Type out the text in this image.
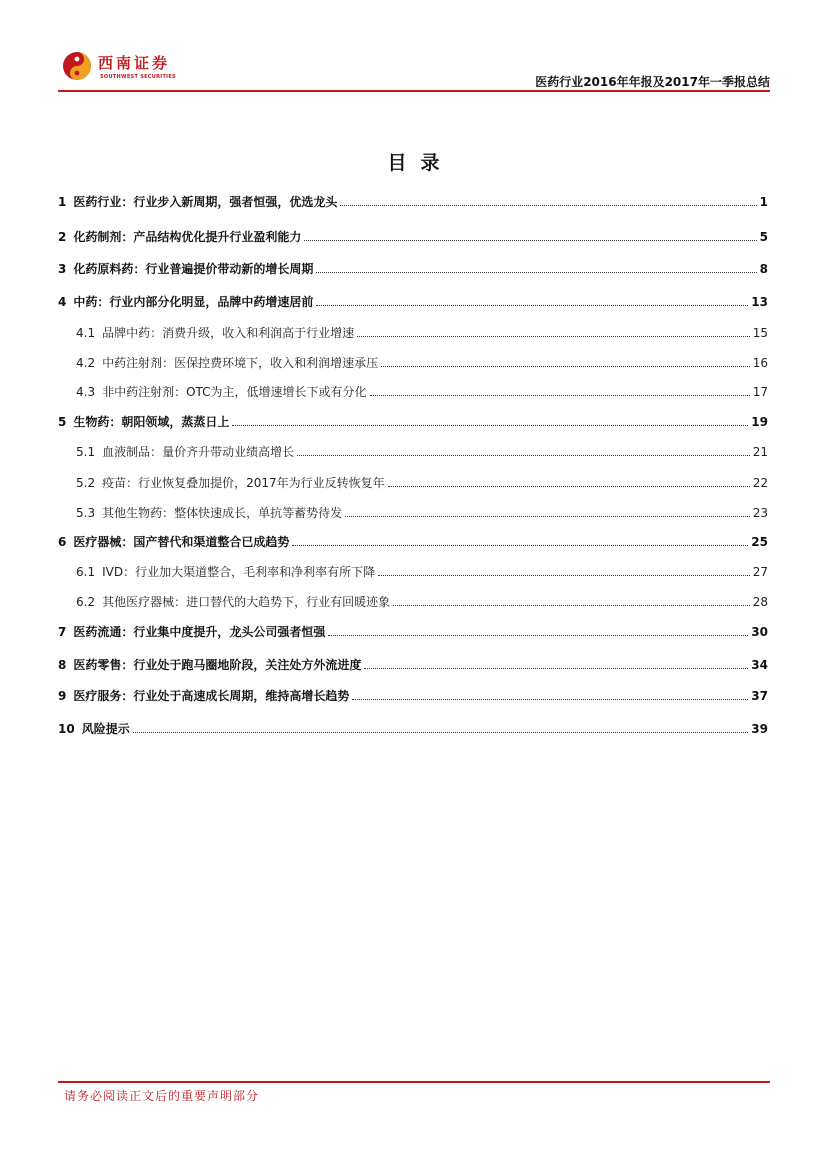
西南证券
SOUTHWEST SECURITIES	医药行业2016年年报及2017年一季报总结
目录
1 医药行业：行业步入新周期，强者恒强，优选龙头	1
2 化药制剂：产品结构优化提升行业盈利能力	5
3 化药原料药：行业普遍提价带动新的增长周期	8
4 中药：行业内部分化明显，品牌中药增速居前	13
4.1 品牌中药：消费升级，收入和利润高于行业增速	15
4.2 中药注射剂：医保控费环境下，收入和利润增速承压	16
4.3 非中药注射剂：OTC为主，低增速增长下或有分化	17
5 生物药：朝阳领域，蒸蒸日上	19
5.1 血液制品：量价齐升带动业绩高增长	21
5.2 疫苗：行业恢复叠加提价，2017年为行业反转恢复年	22
5.3 其他生物药：整体快速成长，单抗等蓄势待发	23
6 医疗器械：国产替代和渠道整合已成趋势	25
6.1 IVD：行业加大渠道整合，毛利率和净利率有所下降	27
6.2 其他医疗器械：进口替代的大趋势下，行业有回暖迹象	28
7 医药流通：行业集中度提升，龙头公司强者恒强	30
8 医药零售：行业处于跑马圈地阶段，关注处方外流进度	34
9 医疗服务：行业处于高速成长周期，维持高增长趋势	37
10 风险提示	39
请务必阅读正文后的重要声明部分
